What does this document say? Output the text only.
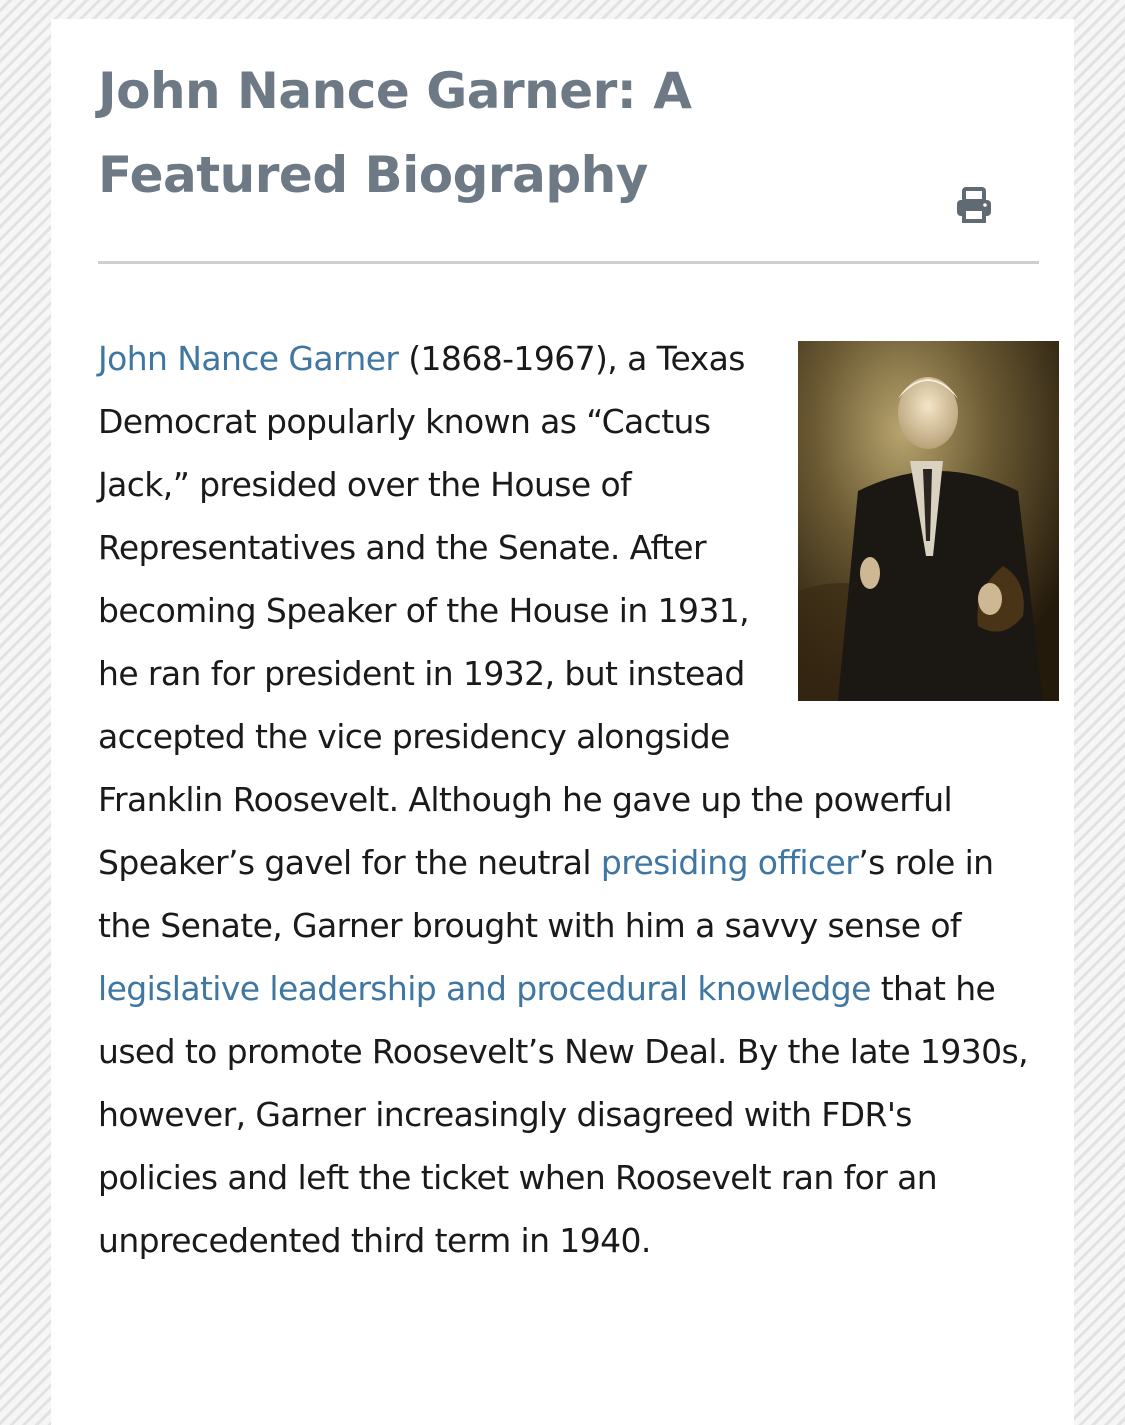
John Nance Garner: A Featured Biography

John Nance Garner (1868-1967), a Texas Democrat popularly known as “Cactus Jack,” presided over the House of Representatives and the Senate. After becoming Speaker of the House in 1931, he ran for president in 1932, but instead accepted the vice presidency alongside Franklin Roosevelt. Although he gave up the powerful Speaker’s gavel for the neutral presiding officer’s role in the Senate, Garner brought with him a savvy sense of legislative leadership and procedural knowledge that he used to promote Roosevelt’s New Deal. By the late 1930s, however, Garner increasingly disagreed with FDR's policies and left the ticket when Roosevelt ran for an unprecedented third term in 1940.
